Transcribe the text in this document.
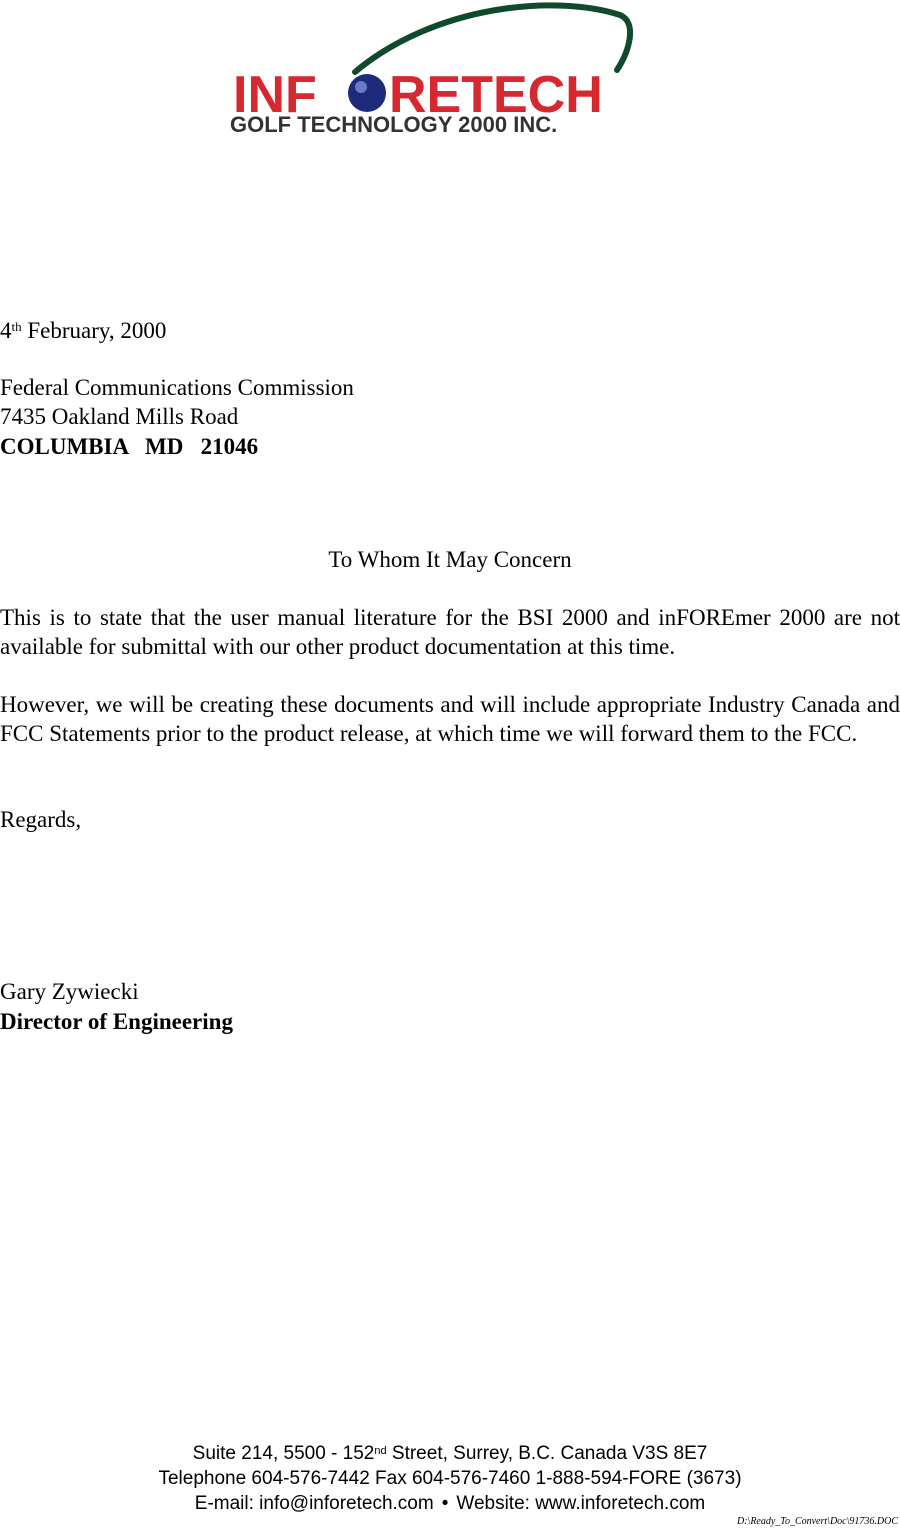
INF RETECH
GOLF TECHNOLOGY 2000 INC.
4th February, 2000
Federal Communications Commission
7435 Oakland Mills Road
COLUMBIA   MD   21046
To Whom It May Concern
This is to state that the user manual literature for the BSI 2000 and inFOREmer 2000 are not available for submittal with our other product documentation at this time.
However, we will be creating these documents and will include appropriate Industry Canada and FCC Statements prior to the product release, at which time we will forward them to the FCC.
Regards,
Gary Zywiecki
Director of Engineering
Suite 214, 5500 - 152nd Street, Surrey, B.C. Canada V3S 8E7
Telephone 604-576-7442 Fax 604-576-7460 1-888-594-FORE (3673)
E-mail: info@inforetech.com • Website: www.inforetech.com
D:\Ready_To_Convert\Doc\91736.DOC
